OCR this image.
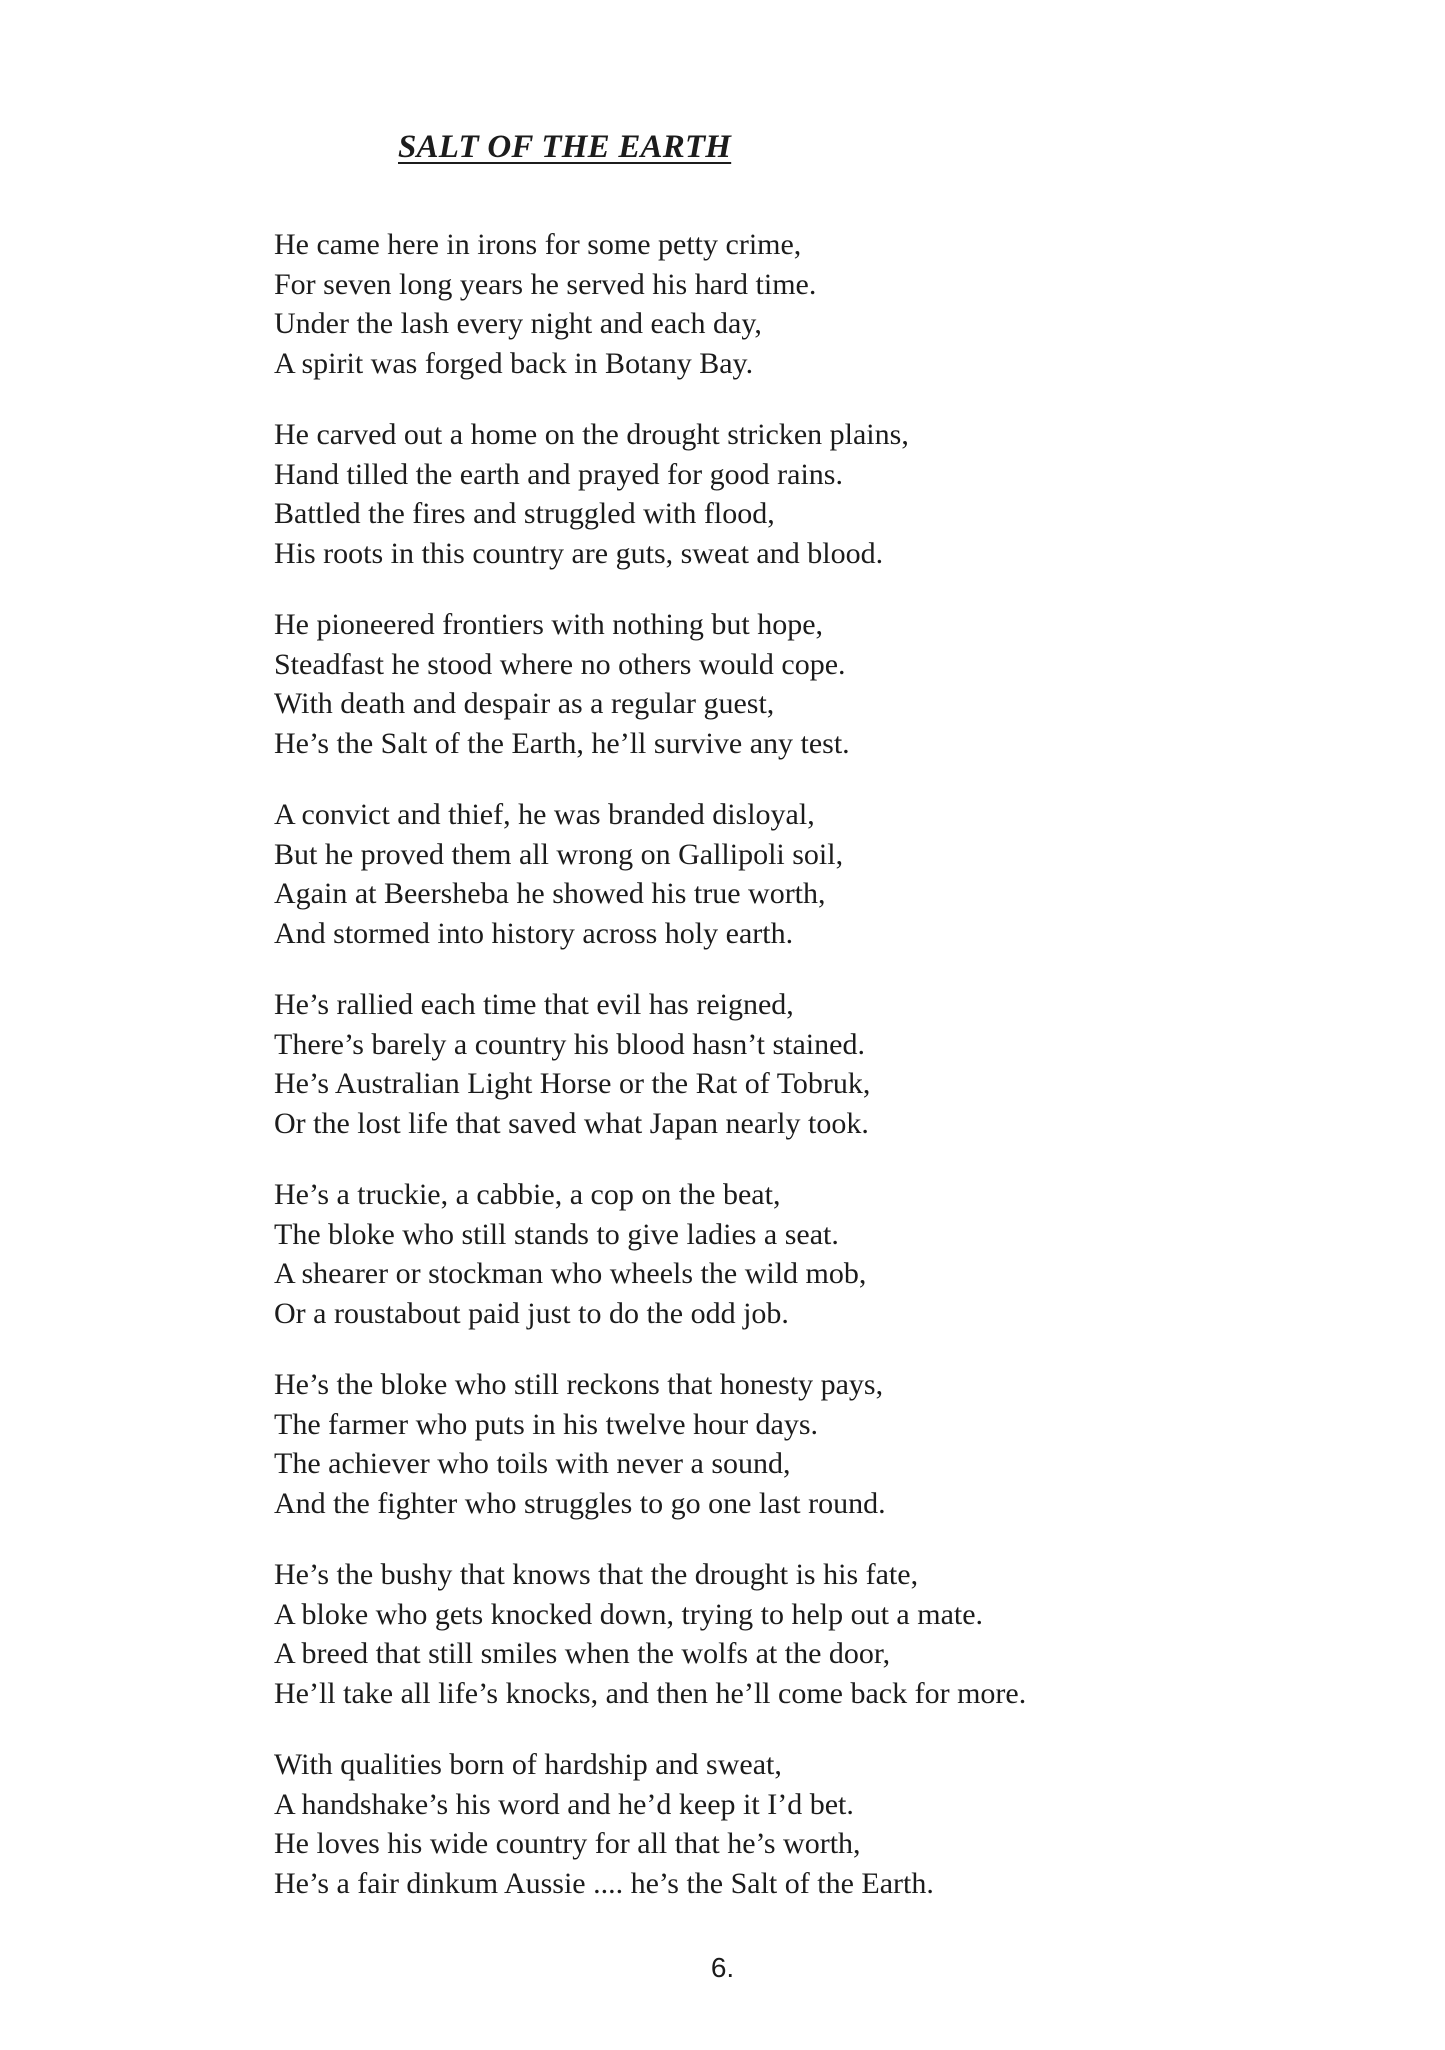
SALT OF THE EARTH
He came here in irons for some petty crime,
For seven long years he served his hard time.
Under the lash every night and each day,
A spirit was forged back in Botany Bay.
He carved out a home on the drought stricken plains,
Hand tilled the earth and prayed for good rains.
Battled the fires and struggled with flood,
His roots in this country are guts, sweat and blood.
He pioneered frontiers with nothing but hope,
Steadfast he stood where no others would cope.
With death and despair as a regular guest,
He’s the Salt of the Earth, he’ll survive any test.
A convict and thief, he was branded disloyal,
But he proved them all wrong on Gallipoli soil,
Again at Beersheba he showed his true worth,
And stormed into history across holy earth.
He’s rallied each time that evil has reigned,
There’s barely a country his blood hasn’t stained.
He’s Australian Light Horse or the Rat of Tobruk,
Or the lost life that saved what Japan nearly took.
He’s a truckie, a cabbie, a cop on the beat,
The bloke who still stands to give ladies a seat.
A shearer or stockman who wheels the wild mob,
Or a roustabout paid just to do the odd job.
He’s the bloke who still reckons that honesty pays,
The farmer who puts in his twelve hour days.
The achiever who toils with never a sound,
And the fighter who struggles to go one last round.
He’s the bushy that knows that the drought is his fate,
A bloke who gets knocked down, trying to help out a mate.
A breed that still smiles when the wolfs at the door,
He’ll take all life’s knocks, and then he’ll come back for more.
With qualities born of hardship and sweat,
A handshake’s his word and he’d keep it I’d bet.
He loves his wide country for all that he’s worth,
He’s a fair dinkum Aussie .... he’s the Salt of the Earth.
6.
